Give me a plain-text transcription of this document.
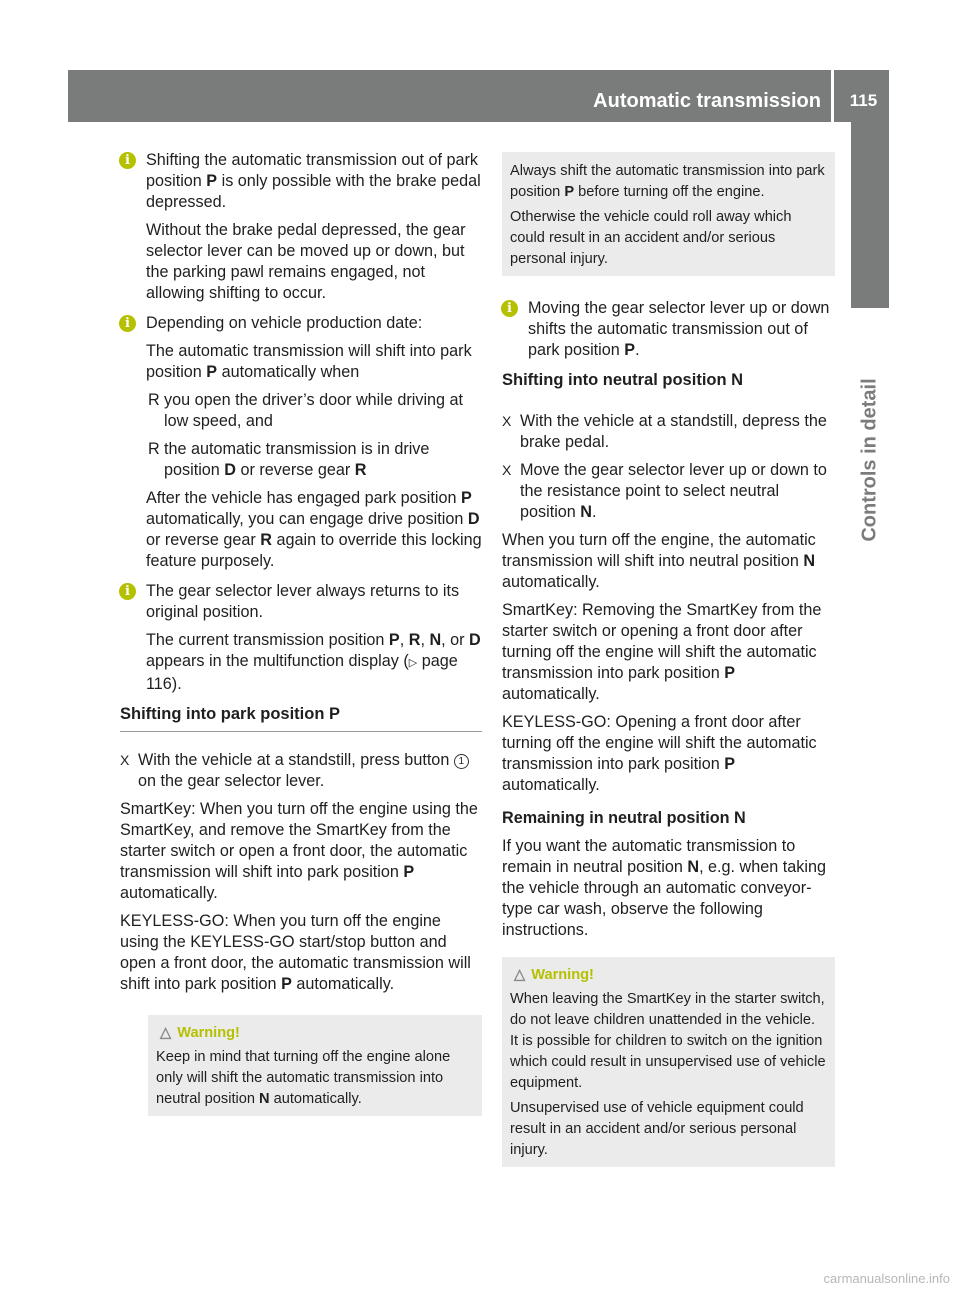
Automatic transmission	115
Controls in detail
i Shifting the automatic transmission out of park position P is only possible with the brake pedal depressed.

Without the brake pedal depressed, the gear selector lever can be moved up or down, but the parking pawl remains engaged, not allowing shifting to occur.

i Depending on vehicle production date:

The automatic transmission will shift into park position P automatically when

R you open the driver’s door while driving at low speed, and
R the automatic transmission is in drive position D or reverse gear R

After the vehicle has engaged park position P automatically, you can engage drive position D or reverse gear R again to override this locking feature purposely.

i The gear selector lever always returns to its original position.

The current transmission position P, R, N, or D appears in the multifunction display (▷ page 116).

Shifting into park position P
X With the vehicle at a standstill, press button 1 on the gear selector lever.

SmartKey: When you turn off the engine using the SmartKey, and remove the SmartKey from the starter switch or open a front door, the automatic transmission will shift into park position P automatically.

KEYLESS-GO: When you turn off the engine using the KEYLESS-GO start/stop button and open a front door, the automatic transmission will shift into park position P automatically.

△ Warning!

Keep in mind that turning off the engine alone only will shift the automatic transmission into neutral position N automatically.

Always shift the automatic transmission into park position P before turning off the engine.

Otherwise the vehicle could roll away which could result in an accident and/or serious personal injury.

i Moving the gear selector lever up or down shifts the automatic transmission out of park position P.

Shifting into neutral position N
X With the vehicle at a standstill, depress the brake pedal.
X Move the gear selector lever up or down to the resistance point to select neutral position N.

When you turn off the engine, the automatic transmission will shift into neutral position N automatically.

SmartKey: Removing the SmartKey from the starter switch or opening a front door after turning off the engine will shift the automatic transmission into park position P automatically.

KEYLESS-GO: Opening a front door after turning off the engine will shift the automatic transmission into park position P automatically.

Remaining in neutral position N

If you want the automatic transmission to remain in neutral position N, e.g. when taking the vehicle through an automatic conveyor-type car wash, observe the following instructions.

△ Warning!

When leaving the SmartKey in the starter switch, do not leave children unattended in the vehicle. It is possible for children to switch on the ignition which could result in unsupervised use of vehicle equipment.

Unsupervised use of vehicle equipment could result in an accident and/or serious personal injury.

carmanualsonline.info
